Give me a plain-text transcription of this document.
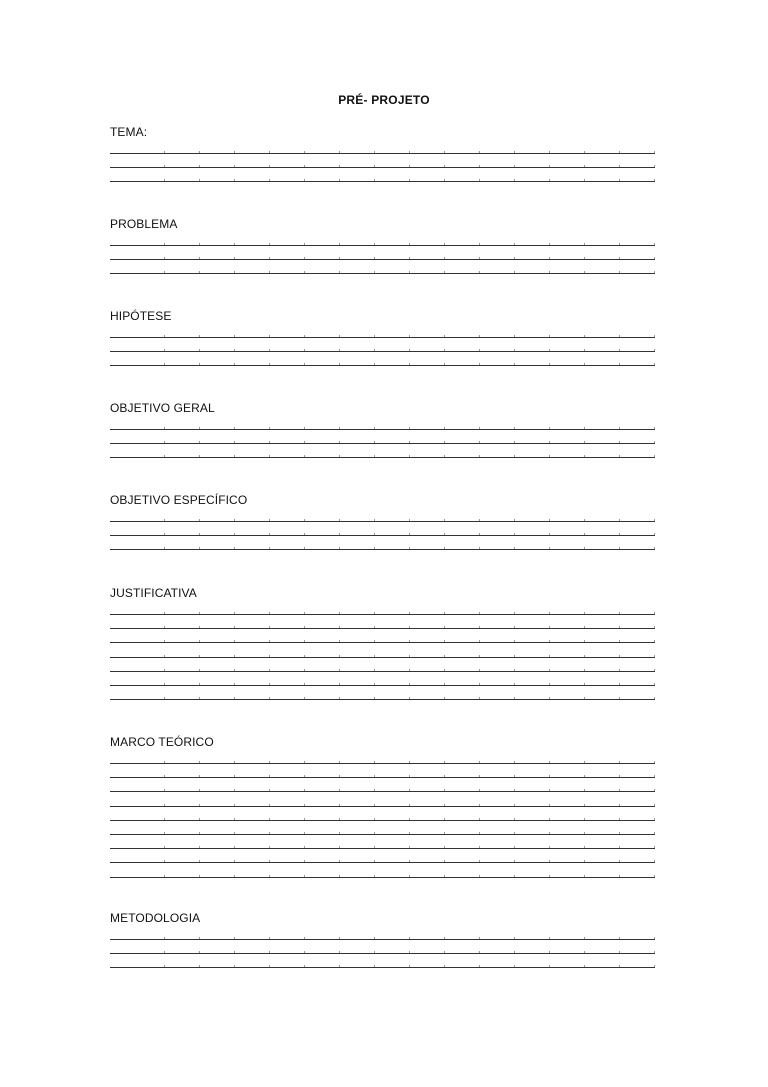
PRÉ- PROJETO
TEMA:
PROBLEMA
HIPÓTESE
OBJETIVO GERAL
OBJETIVO ESPECÍFICO
JUSTIFICATIVA
MARCO TEÓRICO
METODOLOGIA
